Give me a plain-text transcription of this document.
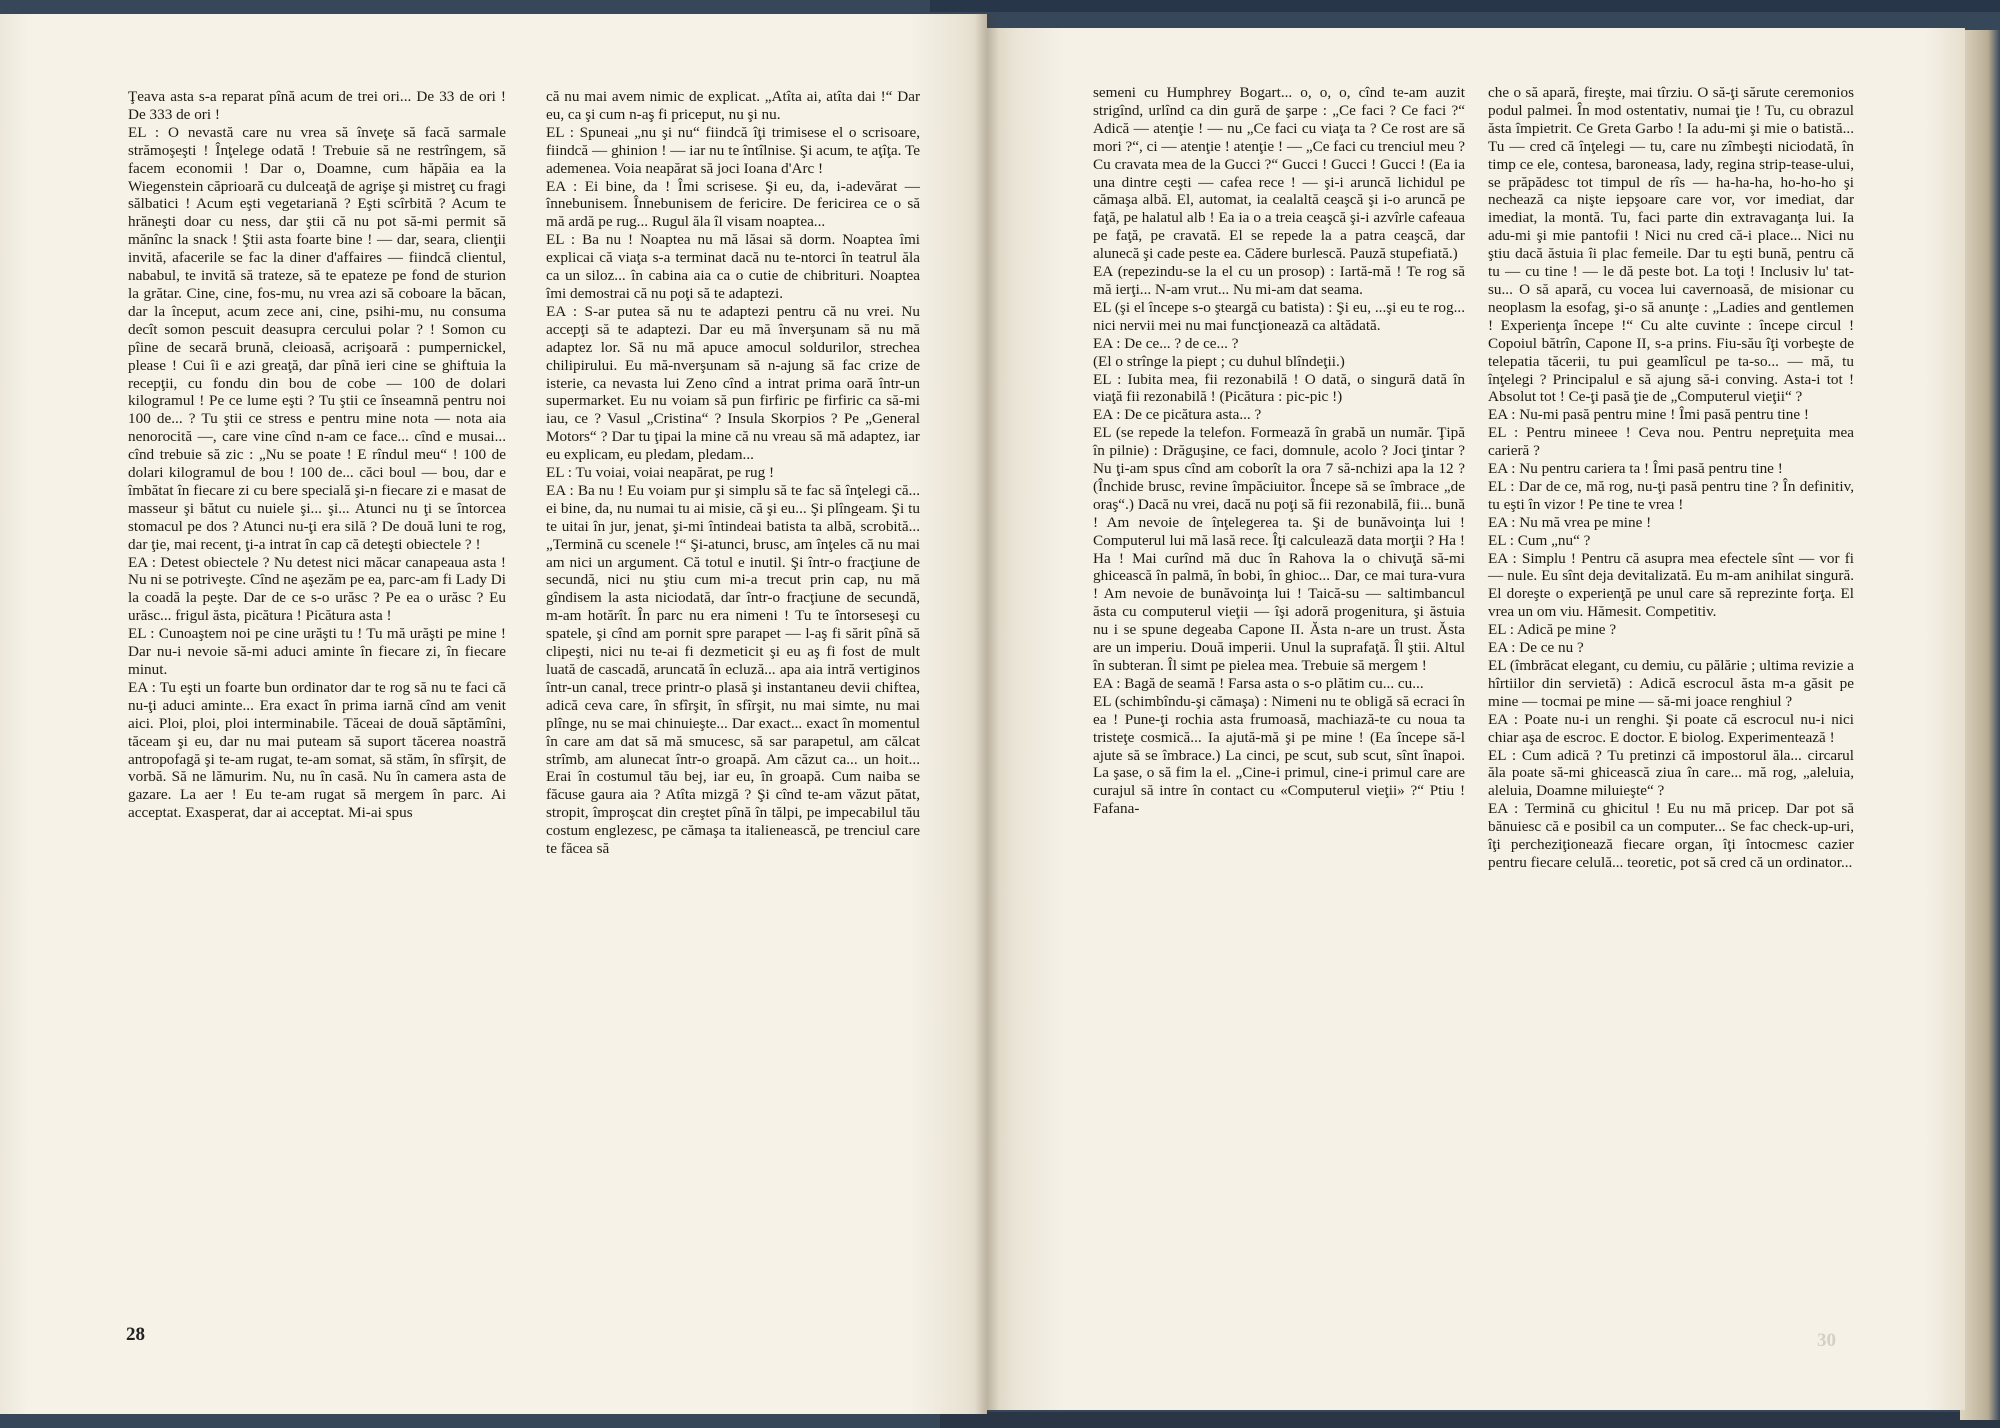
Ţeava asta s-a reparat pînă acum de trei ori... De 33 de ori ! De 333 de ori !

EL : O nevastă care nu vrea să înveţe să facă sarmale strămoşeşti ! Înţelege odată ! Trebuie să ne restrîngem, să facem economii ! Dar o, Doamne, cum hăpăia ea la Wiegenstein căprioară cu dulceaţă de agrişe şi mistreţ cu fragi sălbatici ! Acum eşti vegetariană ? Eşti scîrbită ? Acum te hrăneşti doar cu ness, dar ştii că nu pot să-mi permit să mănînc la snack ! Ştii asta foarte bine ! — dar, seara, clienţii invită, afacerile se fac la diner d'affaires — fiindcă clientul, nababul, te invită să trateze, să te epateze pe fond de sturion la grătar. Cine, cine, fos-mu, nu vrea azi să coboare la băcan, dar la început, acum zece ani, cine, psihi-mu, nu consuma decît somon pescuit deasupra cercului polar ? ! Somon cu pîine de secară brună, cleioasă, acrişoară : pumpernickel, please ! Cui îi e azi greaţă, dar pînă ieri cine se ghiftuia la recepţii, cu fondu din bou de cobe — 100 de dolari kilogramul ! Pe ce lume eşti ? Tu ştii ce înseamnă pentru noi 100 de... ? Tu ştii ce stress e pentru mine nota — nota aia nenorocită —, care vine cînd n-am ce face... cînd e musai... cînd trebuie să zic : „Nu se poate ! E rîndul meu“ ! 100 de dolari kilogramul de bou ! 100 de... căci boul — bou, dar e îmbătat în fiecare zi cu bere specială şi-n fiecare zi e masat de masseur şi bătut cu nuiele şi... şi... Atunci nu ţi se întorcea stomacul pe dos ? Atunci nu-ţi era silă ? De două luni te rog, dar ţie, mai recent, ţi-a intrat în cap că deteşti obiectele ? !

EA : Detest obiectele ? Nu detest nici măcar canapeaua asta ! Nu ni se potriveşte. Cînd ne aşezăm pe ea, parc-am fi Lady Di la coadă la peşte. Dar de ce s-o urăsc ? Pe ea o urăsc ? Eu urăsc... frigul ăsta, picătura ! Picătura asta !

EL : Cunoaştem noi pe cine urăşti tu ! Tu mă urăşti pe mine ! Dar nu-i nevoie să-mi aduci aminte în fiecare zi, în fiecare minut.

EA : Tu eşti un foarte bun ordinator dar te rog să nu te faci că nu-ţi aduci aminte... Era exact în prima iarnă cînd am venit aici. Ploi, ploi, ploi interminabile. Tăceai de două săptămîni, tăceam şi eu, dar nu mai puteam să suport tăcerea noastră antropofagă şi te-am rugat, te-am somat, să stăm, în sfîrşit, de vorbă. Să ne lămurim. Nu, nu în casă. Nu în camera asta de gazare. La aer ! Eu te-am rugat să mergem în parc. Ai acceptat. Exasperat, dar ai acceptat. Mi-ai spus

că nu mai avem nimic de explicat. „Atîta ai, atîta dai !“ Dar eu, ca şi cum n-aş fi priceput, nu şi nu.

EL : Spuneai „nu şi nu“ fiindcă îţi trimisese el o scrisoare, fiindcă — ghinion ! — iar nu te întîlnise. Şi acum, te aţîţa. Te ademenea. Voia neapărat să joci Ioana d'Arc !

EA : Ei bine, da ! Îmi scrisese. Şi eu, da, i-adevărat — înnebunisem. Înnebunisem de fericire. De fericirea ce o să mă ardă pe rug... Rugul ăla îl visam noaptea...

EL : Ba nu ! Noaptea nu mă lăsai să dorm. Noaptea îmi explicai că viaţa s-a terminat dacă nu te-ntorci în teatrul ăla ca un siloz... în cabina aia ca o cutie de chibrituri. Noaptea îmi demostrai că nu poţi să te adaptezi.

EA : S-ar putea să nu te adaptezi pentru că nu vrei. Nu accepţi să te adaptezi. Dar eu mă înverşunam să nu mă adaptez lor. Să nu mă apuce amocul soldurilor, strechea chilipirului. Eu mă-nverşunam să n-ajung să fac crize de isterie, ca nevasta lui Zeno cînd a intrat prima oară într-un supermarket. Eu nu voiam să pun firfiric pe firfiric ca să-mi iau, ce ? Vasul „Cristina“ ? Insula Skorpios ? Pe „General Motors“ ? Dar tu ţipai la mine că nu vreau să mă adaptez, iar eu explicam, eu pledam, pledam...

EL : Tu voiai, voiai neapărat, pe rug !

EA : Ba nu ! Eu voiam pur şi simplu să te fac să înţelegi că... ei bine, da, nu numai tu ai misie, că şi eu... Şi plîngeam. Şi tu te uitai în jur, jenat, şi-mi întindeai batista ta albă, scrobită... „Termină cu scenele !“ Şi-atunci, brusc, am înţeles că nu mai am nici un argument. Că totul e inutil. Şi într-o fracţiune de secundă, nici nu ştiu cum mi-a trecut prin cap, nu mă gîndisem la asta niciodată, dar într-o fracţiune de secundă, m-am hotărît. În parc nu era nimeni ! Tu te întorseseşi cu spatele, şi cînd am pornit spre parapet — l-aş fi sărit pînă să clipeşti, nici nu te-ai fi dezmeticit şi eu aş fi fost de mult luată de cascadă, aruncată în ecluză... apa aia intră vertiginos într-un canal, trece printr-o plasă şi instantaneu devii chiftea, adică ceva care, în sfîrşit, în sfîrşit, nu mai simte, nu mai plînge, nu se mai chinuieşte... Dar exact... exact în momentul în care am dat să mă smucesc, să sar parapetul, am călcat strîmb, am alunecat într-o groapă. Am căzut ca... un hoit... Erai în costumul tău bej, iar eu, în groapă. Cum naiba se făcuse gaura aia ? Atîta mizgă ? Şi cînd te-am văzut pătat, stropit, împroşcat din creştet pînă în tălpi, pe impecabilul tău costum englezesc, pe cămaşa ta italienească, pe trenciul care te făcea să

28

semeni cu Humphrey Bogart... o, o, o, cînd te-am auzit strigînd, urlînd ca din gură de şarpe : „Ce faci ? Ce faci ?“ Adică — atenţie ! — nu „Ce faci cu viaţa ta ? Ce rost are să mori ?“, ci — atenţie ! atenţie ! — „Ce faci cu trenciul meu ? Cu cravata mea de la Gucci ?“ Gucci ! Gucci ! Gucci ! (Ea ia una dintre ceşti — cafea rece ! — şi-i aruncă lichidul pe cămaşa albă. El, automat, ia cealaltă ceaşcă şi i-o aruncă pe faţă, pe halatul alb ! Ea ia o a treia ceaşcă şi-i azvîrle cafeaua pe faţă, pe cravată. El se repede la a patra ceaşcă, dar alunecă şi cade peste ea. Cădere burlescă. Pauză stupefiată.)

EA (repezindu-se la el cu un prosop) : Iartă-mă ! Te rog să mă ierţi... N-am vrut... Nu mi-am dat seama.

EL (şi el începe s-o şteargă cu batista) : Şi eu, ...şi eu te rog... nici nervii mei nu mai funcţionează ca altădată.

EA : De ce... ? de ce... ?

(El o strînge la piept ; cu duhul blîndeţii.)

EL : Iubita mea, fii rezonabilă ! O dată, o singură dată în viaţă fii rezonabilă ! (Picătura : pic-pic !)

EA : De ce picătura asta... ?

EL (se repede la telefon. Formează în grabă un număr. Ţipă în pilnie) : Drăguşine, ce faci, domnule, acolo ? Joci ţintar ? Nu ţi-am spus cînd am coborît la ora 7 să-nchizi apa la 12 ? (Închide brusc, revine împăciuitor. Începe să se îmbrace „de oraş“.) Dacă nu vrei, dacă nu poţi să fii rezonabilă, fii... bună ! Am nevoie de înţelegerea ta. Şi de bunăvoinţa lui ! Computerul lui mă lasă rece. Îţi calculează data morţii ? Ha ! Ha ! Mai curînd mă duc în Rahova la o chivuţă să-mi ghicească în palmă, în bobi, în ghioc... Dar, ce mai tura-vura ! Am nevoie de bunăvoinţa lui ! Taică-su — saltimbancul ăsta cu computerul vieţii — îşi adoră progenitura, şi ăstuia nu i se spune degeaba Capone II. Ăsta n-are un trust. Ăsta are un imperiu. Două imperii. Unul la suprafaţă. Îl ştii. Altul în subteran. Îl simt pe pielea mea. Trebuie să mergem !

EA : Bagă de seamă ! Farsa asta o s-o plătim cu... cu...

EL (schimbîndu-şi cămaşa) : Nimeni nu te obligă să ecraci în ea ! Pune-ţi rochia asta frumoasă, machiază-te cu noua ta tristeţe cosmică... Ia ajută-mă şi pe mine ! (Ea începe să-l ajute să se îmbrace.) La cinci, pe scut, sub scut, sînt înapoi. La şase, o să fim la el. „Cine-i primul, cine-i primul care are curajul să intre în contact cu «Computerul vieţii» ?“ Ptiu ! Fafana-

che o să apară, fireşte, mai tîrziu. O să-ţi sărute ceremonios podul palmei. În mod ostentativ, numai ţie ! Tu, cu obrazul ăsta împietrit. Ce Greta Garbo ! Ia adu-mi şi mie o batistă... Tu — cred că înţelegi — tu, care nu zîmbeşti niciodată, în timp ce ele, contesa, baroneasa, lady, regina strip-tease-ului, se prăpădesc tot timpul de rîs — ha-ha-ha, ho-ho-ho şi nechează ca nişte iepşoare care vor, vor imediat, dar imediat, la montă. Tu, faci parte din extravaganţa lui. Ia adu-mi şi mie pantofii ! Nici nu cred că-i place... Nici nu ştiu dacă ăstuia îi plac femeile. Dar tu eşti bună, pentru că tu — cu tine ! — le dă peste bot. La toţi ! Inclusiv lu' tat-su... O să apară, cu vocea lui cavernoasă, de misionar cu neoplasm la esofag, şi-o să anunţe : „Ladies and gentlemen ! Experienţa începe !“ Cu alte cuvinte : începe circul ! Copoiul bătrîn, Capone II, s-a prins. Fiu-său îţi vorbeşte de telepatia tăcerii, tu pui geamlîcul pe ta-so... — mă, tu înţelegi ? Principalul e să ajung să-i conving. Asta-i tot ! Absolut tot ! Ce-ţi pasă ţie de „Computerul vieţii“ ?

EA : Nu-mi pasă pentru mine ! Îmi pasă pentru tine !

EL : Pentru mineee ! Ceva nou. Pentru nepreţuita mea carieră ?

EA : Nu pentru cariera ta ! Îmi pasă pentru tine !

EL : Dar de ce, mă rog, nu-ţi pasă pentru tine ? În definitiv, tu eşti în vizor ! Pe tine te vrea !

EA : Nu mă vrea pe mine !

EL : Cum „nu“ ?

EA : Simplu ! Pentru că asupra mea efectele sînt — vor fi — nule. Eu sînt deja devitalizată. Eu m-am anihilat singură. El doreşte o experienţă pe unul care să reprezinte forţa. El vrea un om viu. Hămesit. Competitiv.

EL : Adică pe mine ?

EA : De ce nu ?

EL (îmbrăcat elegant, cu demiu, cu pălărie ; ultima revizie a hîrtiilor din servietă) : Adică escrocul ăsta m-a găsit pe mine — tocmai pe mine — să-mi joace renghiul ?

EA : Poate nu-i un renghi. Şi poate că escrocul nu-i nici chiar aşa de escroc. E doctor. E biolog. Experimentează !

EL : Cum adică ? Tu pretinzi că impostorul ăla... circarul ăla poate să-mi ghicească ziua în care... mă rog, „aleluia, aleluia, Doamne miluieşte“ ?

EA : Termină cu ghicitul ! Eu nu mă pricep. Dar pot să bănuiesc că e posibil ca un computer... Se fac check-up-uri, îţi percheziţionează fiecare organ, îţi întocmesc cazier pentru fiecare celulă... teoretic, pot să cred că un ordinator...

30
